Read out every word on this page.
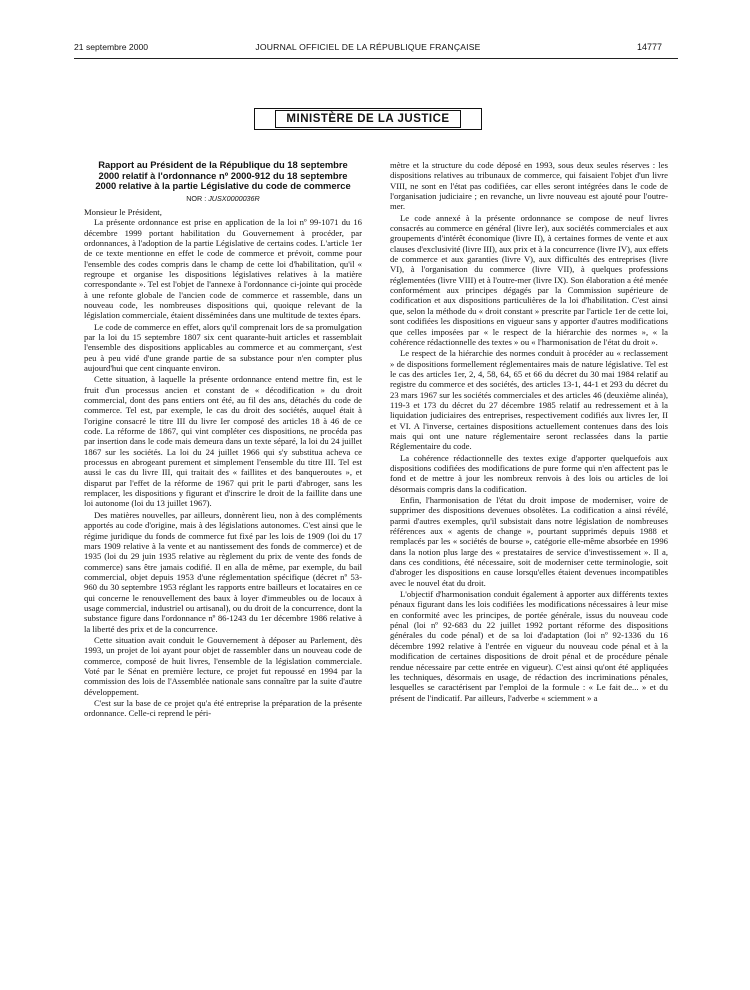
21 septembre 2000	JOURNAL OFFICIEL DE LA RÉPUBLIQUE FRANÇAISE	14777
MINISTÈRE DE LA JUSTICE
Rapport au Président de la République du 18 septembre 2000 relatif à l'ordonnance nº 2000-912 du 18 septembre 2000 relative à la partie Législative du code de commerce
NOR : JUSX0000036R

Monsieur le Président,

La présente ordonnance est prise en application de la loi nº 99-1071 du 16 décembre 1999 portant habilitation du Gouvernement à procéder, par ordonnances, à l'adoption de la partie Législative de certains codes. L'article 1er de ce texte mentionne en effet le code de commerce et prévoit, comme pour l'ensemble des codes compris dans le champ de cette loi d'habilitation, qu'il « regroupe et organise les dispositions législatives relatives à la matière correspondante ». Tel est l'objet de l'annexe à l'ordonnance ci-jointe qui procède à une refonte globale de l'ancien code de commerce et rassemble, dans un nouveau code, les nombreuses dispositions qui, quoique relevant de la législation commerciale, étaient disséminées dans une multitude de textes épars.

Le code de commerce en effet, alors qu'il comprenait lors de sa promulgation par la loi du 15 septembre 1807 six cent quarante-huit articles et rassemblait l'ensemble des dispositions applicables au commerce et au commerçant, s'est peu à peu vidé d'une grande partie de sa substance pour n'en compter plus aujourd'hui que cent cinquante environ.

Cette situation, à laquelle la présente ordonnance entend mettre fin, est le fruit d'un processus ancien et constant de « décodification » du droit commercial, dont des pans entiers ont été, au fil des ans, détachés du code de commerce. Tel est, par exemple, le cas du droit des sociétés, auquel était à l'origine consacré le titre III du livre Ier composé des articles 18 à 46 de ce code. La réforme de 1867, qui vint compléter ces dispositions, ne procéda pas par insertion dans le code mais demeura dans un texte séparé, la loi du 24 juillet 1867 sur les sociétés. La loi du 24 juillet 1966 qui s'y substitua acheva ce processus en abrogeant purement et simplement l'ensemble du titre III. Tel est aussi le cas du livre III, qui traitait des « faillites et des banqueroutes », et disparut par l'effet de la réforme de 1967 qui prit le parti d'abroger, sans les remplacer, les dispositions y figurant et d'inscrire le droit de la faillite dans une loi autonome (loi du 13 juillet 1967).

Des matières nouvelles, par ailleurs, donnèrent lieu, non à des compléments apportés au code d'origine, mais à des législations autonomes. C'est ainsi que le régime juridique du fonds de commerce fut fixé par les lois de 1909 (loi du 17 mars 1909 relative à la vente et au nantissement des fonds de commerce) et de 1935 (loi du 29 juin 1935 relative au règlement du prix de vente des fonds de commerce) sans être jamais codifié. Il en alla de même, par exemple, du bail commercial, objet depuis 1953 d'une réglementation spécifique (décret nº 53-960 du 30 septembre 1953 réglant les rapports entre bailleurs et locataires en ce qui concerne le renouvellement des baux à loyer d'immeubles ou de locaux à usage commercial, industriel ou artisanal), ou du droit de la concurrence, dont la substance figure dans l'ordonnance nº 86-1243 du 1er décembre 1986 relative à la liberté des prix et de la concurrence.

Cette situation avait conduit le Gouvernement à déposer au Parlement, dès 1993, un projet de loi ayant pour objet de rassembler dans un nouveau code de commerce, composé de huit livres, l'ensemble de la législation commerciale. Voté par le Sénat en première lecture, ce projet fut repoussé en 1994 par la commission des lois de l'Assemblée nationale sans connaître par la suite d'autre développement.

C'est sur la base de ce projet qu'a été entreprise la préparation de la présente ordonnance. Celle-ci reprend le péri-

mètre et la structure du code déposé en 1993, sous deux seules réserves : les dispositions relatives au tribunaux de commerce, qui faisaient l'objet d'un livre VIII, ne sont en l'état pas codifiées, car elles seront intégrées dans le code de l'organisation judiciaire ; en revanche, un livre nouveau est ajouté pour l'outre-mer.

Le code annexé à la présente ordonnance se compose de neuf livres consacrés au commerce en général (livre Ier), aux sociétés commerciales et aux groupements d'intérêt économique (livre II), à certaines formes de vente et aux clauses d'exclusivité (livre III), aux prix et à la concurrence (livre IV), aux effets de commerce et aux garanties (livre V), aux difficultés des entreprises (livre VI), à l'organisation du commerce (livre VII), à quelques professions réglementées (livre VIII) et à l'outre-mer (livre IX). Son élaboration a été menée conformément aux principes dégagés par la Commission supérieure de codification et aux dispositions particulières de la loi d'habilitation. C'est ainsi que, selon la méthode du « droit constant » prescrite par l'article 1er de cette loi, sont codifiées les dispositions en vigueur sans y apporter d'autres modifications que celles imposées par « le respect de la hiérarchie des normes », « la cohérence rédactionnelle des textes » ou « l'harmonisation de l'état du droit ».

Le respect de la hiérarchie des normes conduit à procéder au « reclassement » de dispositions formellement réglementaires mais de nature législative. Tel est le cas des articles 1er, 2, 4, 58, 64, 65 et 66 du décret du 30 mai 1984 relatif au registre du commerce et des sociétés, des articles 13-1, 44-1 et 293 du décret du 23 mars 1967 sur les sociétés commerciales et des articles 46 (deuxième alinéa), 119-3 et 173 du décret du 27 décembre 1985 relatif au redressement et à la liquidation judiciaires des entreprises, respectivement codifiés aux livres Ier, II et VI. A l'inverse, certaines dispositions actuellement contenues dans des lois mais qui ont une nature réglementaire seront reclassées dans la partie Réglementaire du code.

La cohérence rédactionnelle des textes exige d'apporter quelquefois aux dispositions codifiées des modifications de pure forme qui n'en affectent pas le fond et de mettre à jour les nombreux renvois à des lois ou articles de loi désormais compris dans la codification.

Enfin, l'harmonisation de l'état du droit impose de moderniser, voire de supprimer des dispositions devenues obsolètes. La codification a ainsi révélé, parmi d'autres exemples, qu'il subsistait dans notre législation de nombreuses références aux « agents de change », pourtant supprimés depuis 1988 et remplacés par les « sociétés de bourse », catégorie elle-même absorbée en 1996 dans la notion plus large des « prestataires de service d'investissement ». Il a, dans ces conditions, été nécessaire, soit de moderniser cette terminologie, soit d'abroger les dispositions en cause lorsqu'elles étaient devenues incompatibles avec le nouvel état du droit.

L'objectif d'harmonisation conduit également à apporter aux différents textes pénaux figurant dans les lois codifiées les modifications nécessaires à leur mise en conformité avec les principes, de portée générale, issus du nouveau code pénal (loi nº 92-683 du 22 juillet 1992 portant réforme des dispositions générales du code pénal) et de sa loi d'adaptation (loi nº 92-1336 du 16 décembre 1992 relative à l'entrée en vigueur du nouveau code pénal et à la modification de certaines dispositions de droit pénal et de procédure pénale rendue nécessaire par cette entrée en vigueur). C'est ainsi qu'ont été appliquées les techniques, désormais en usage, de rédaction des incriminations pénales, lesquelles se caractérisent par l'emploi de la formule : « Le fait de... » et du présent de l'indicatif. Par ailleurs, l'adverbe « sciemment » a
